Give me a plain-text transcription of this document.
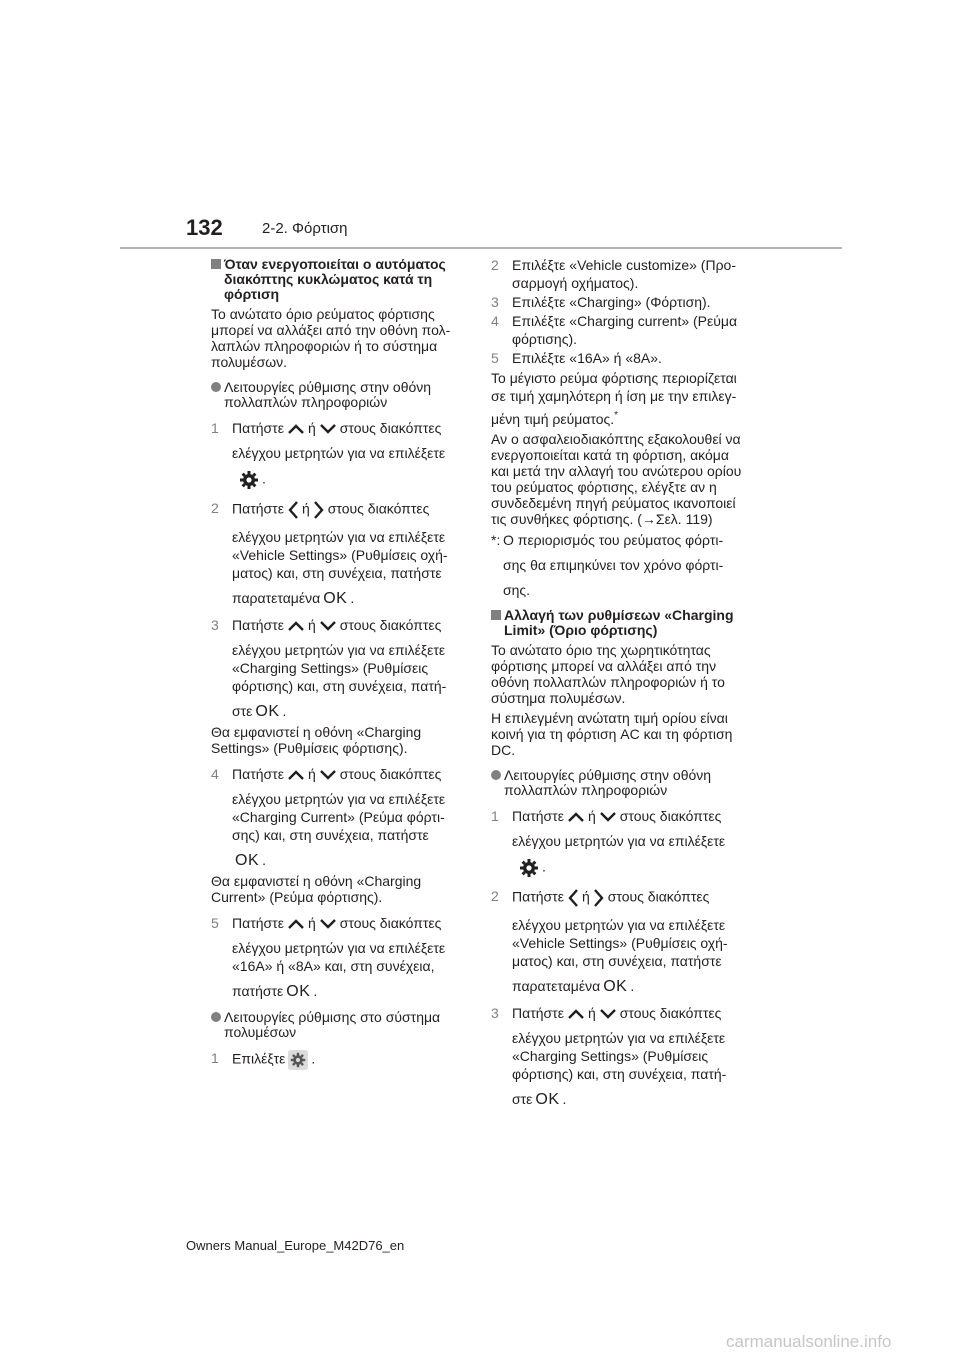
132	2-2. Φόρτιση
Όταν ενεργοποιείται ο αυτόματος
διακόπτης κυκλώματος κατά τη
φόρτιση
Το ανώτατο όριο ρεύματος φόρτισης
μπορεί να αλλάξει από την οθόνη πολ-
λαπλών πληροφοριών ή το σύστημα
πολυμέσων.
Λειτουργίες ρύθμισης στην οθόνη
πολλαπλών πληροφοριών
1 Πατήστε ή στους διακόπτες
ελέγχου μετρητών για να επιλέξετε
.
2 Πατήστε ή στους διακόπτες
ελέγχου μετρητών για να επιλέξετε
«Vehicle Settings» (Ρυθμίσεις οχή-
ματος) και, στη συνέχεια, πατήστε
παρατεταμένα OK .
3 Πατήστε ή στους διακόπτες
ελέγχου μετρητών για να επιλέξετε
«Charging Settings» (Ρυθμίσεις
φόρτισης) και, στη συνέχεια, πατή-
στε OK .
Θα εμφανιστεί η οθόνη «Charging
Settings» (Ρυθμίσεις φόρτισης).
4 Πατήστε ή στους διακόπτες
ελέγχου μετρητών για να επιλέξετε
«Charging Current» (Ρεύμα φόρτι-
σης) και, στη συνέχεια, πατήστε
OK .
Θα εμφανιστεί η οθόνη «Charging
Current» (Ρεύμα φόρτισης).
5 Πατήστε ή στους διακόπτες
ελέγχου μετρητών για να επιλέξετε
«16A» ή «8A» και, στη συνέχεια,
πατήστε OK .
Λειτουργίες ρύθμισης στο σύστημα
πολυμέσων
1 Επιλέξτε .
2 Επιλέξτε «Vehicle customize» (Προ-
σαρμογή οχήματος).
3 Επιλέξτε «Charging» (Φόρτιση).
4 Επιλέξτε «Charging current» (Ρεύμα
φόρτισης).
5 Επιλέξτε «16A» ή «8A».
Το μέγιστο ρεύμα φόρτισης περιορίζεται
σε τιμή χαμηλότερη ή ίση με την επιλεγ-
μένη τιμή ρεύματος.*
Αν ο ασφαλειοδιακόπτης εξακολουθεί να
ενεργοποιείται κατά τη φόρτιση, ακόμα
και μετά την αλλαγή του ανώτερου ορίου
του ρεύματος φόρτισης, ελέγξτε αν η
συνδεδεμένη πηγή ρεύματος ικανοποιεί
τις συνθήκες φόρτισης. (→Σελ. 119)
*: Ο περιορισμός του ρεύματος φόρτι-
σης θα επιμηκύνει τον χρόνο φόρτι-
σης.
Αλλαγή των ρυθμίσεων «Charging
Limit» (Όριο φόρτισης)
Το ανώτατο όριο της χωρητικότητας
φόρτισης μπορεί να αλλάξει από την
οθόνη πολλαπλών πληροφοριών ή το
σύστημα πολυμέσων.
Η επιλεγμένη ανώτατη τιμή ορίου είναι
κοινή για τη φόρτιση AC και τη φόρτιση
DC.
Λειτουργίες ρύθμισης στην οθόνη
πολλαπλών πληροφοριών
1 Πατήστε ή στους διακόπτες
ελέγχου μετρητών για να επιλέξετε
.
2 Πατήστε ή στους διακόπτες
ελέγχου μετρητών για να επιλέξετε
«Vehicle Settings» (Ρυθμίσεις οχή-
ματος) και, στη συνέχεια, πατήστε
παρατεταμένα OK .
3 Πατήστε ή στους διακόπτες
ελέγχου μετρητών για να επιλέξετε
«Charging Settings» (Ρυθμίσεις
φόρτισης) και, στη συνέχεια, πατή-
στε OK .
Owners Manual_Europe_M42D76_en
carmanualsonline.info
